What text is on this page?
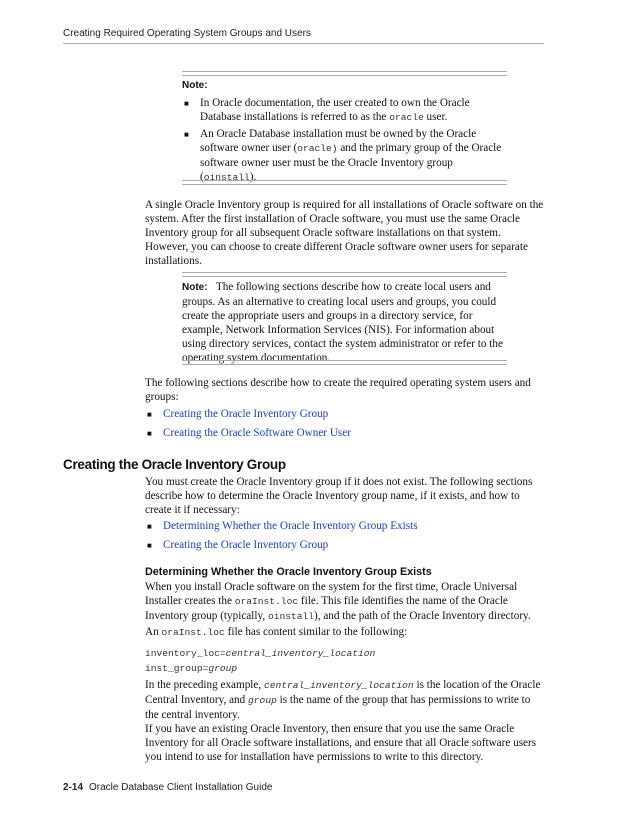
Creating Required Operating System Groups and Users
Note:
■ In Oracle documentation, the user created to own the Oracle Database installations is referred to as the oracle user.
■ An Oracle Database installation must be owned by the Oracle software owner user (oracle) and the primary group of the Oracle software owner user must be the Oracle Inventory group (oinstall).
A single Oracle Inventory group is required for all installations of Oracle software on the system. After the first installation of Oracle software, you must use the same Oracle Inventory group for all subsequent Oracle software installations on that system. However, you can choose to create different Oracle software owner users for separate installations.
Note: The following sections describe how to create local users and groups. As an alternative to creating local users and groups, you could create the appropriate users and groups in a directory service, for example, Network Information Services (NIS). For information about using directory services, contact the system administrator or refer to the operating system documentation.
The following sections describe how to create the required operating system users and groups:
■ Creating the Oracle Inventory Group
■ Creating the Oracle Software Owner User
Creating the Oracle Inventory Group
You must create the Oracle Inventory group if it does not exist. The following sections describe how to determine the Oracle Inventory group name, if it exists, and how to create it if necessary:
■ Determining Whether the Oracle Inventory Group Exists
■ Creating the Oracle Inventory Group
Determining Whether the Oracle Inventory Group Exists
When you install Oracle software on the system for the first time, Oracle Universal Installer creates the oraInst.loc file. This file identifies the name of the Oracle Inventory group (typically, oinstall), and the path of the Oracle Inventory directory.
An oraInst.loc file has content similar to the following:
inventory_loc=central_inventory_location
inst_group=group
In the preceding example, central_inventory_location is the location of the Oracle Central Inventory, and group is the name of the group that has permissions to write to the central inventory.
If you have an existing Oracle Inventory, then ensure that you use the same Oracle Inventory for all Oracle software installations, and ensure that all Oracle software users you intend to use for installation have permissions to write to this directory.
2-14 Oracle Database Client Installation Guide
